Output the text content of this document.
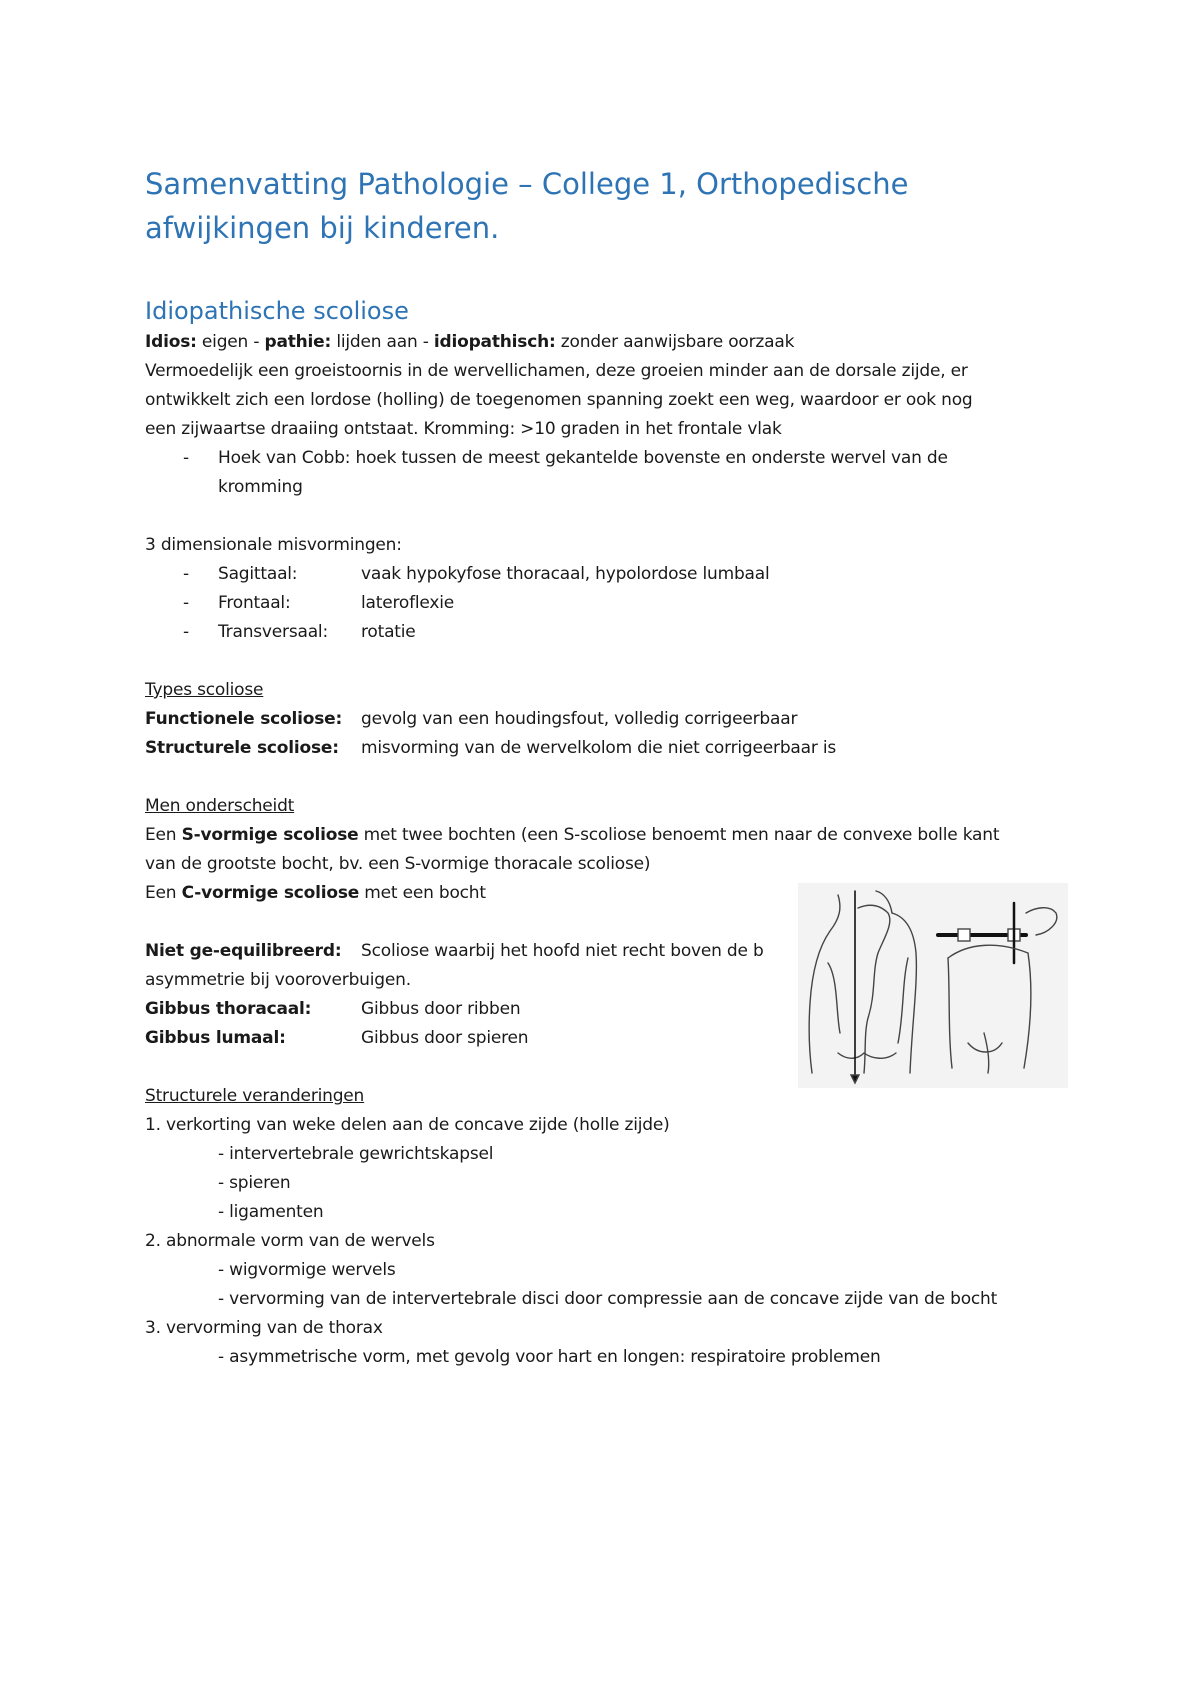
Samenvatting Pathologie – College 1, Orthopedische afwijkingen bij kinderen.
Idiopathische scoliose
Idios: eigen - pathie: lijden aan - idiopathisch: zonder aanwijsbare oorzaak
Vermoedelijk een groeistoornis in de wervellichamen, deze groeien minder aan de dorsale zijde, er
ontwikkelt zich een lordose (holling) de toegenomen spanning zoekt een weg, waardoor er ook nog
een zijwaartse draaiing ontstaat. Kromming: >10 graden in het frontale vlak
- Hoek van Cobb: hoek tussen de meest gekantelde bovenste en onderste wervel van de
kromming
3 dimensionale misvormingen:
- Sagittaal:	vaak hypokyfose thoracaal, hypolordose lumbaal
- Frontaal:	lateroflexie
- Transversaal: rotatie
Types scoliose
Functionele scoliose: gevolg van een houdingsfout, volledig corrigeerbaar
Structurele scoliose: misvorming van de wervelkolom die niet corrigeerbaar is
Men onderscheidt
Een S-vormige scoliose met twee bochten (een S-scoliose benoemt men naar de convexe bolle kant
van de grootste bocht, bv. een S-vormige thoracale scoliose)
Een C-vormige scoliose met een bocht
Niet ge-equilibreerd: Scoliose waarbij het hoofd niet recht boven de b
asymmetrie bij vooroverbuigen.
Gibbus thoracaal:	Gibbus door ribben
Gibbus lumaal:	Gibbus door spieren
Structurele veranderingen
1. verkorting van weke delen aan de concave zijde (holle zijde)
- intervertebrale gewrichtskapsel
- spieren
- ligamenten
2. abnormale vorm van de wervels
- wigvormige wervels
- vervorming van de intervertebrale disci door compressie aan de concave zijde van de bocht
3. vervorming van de thorax
- asymmetrische vorm, met gevolg voor hart en longen: respiratoire problemen
